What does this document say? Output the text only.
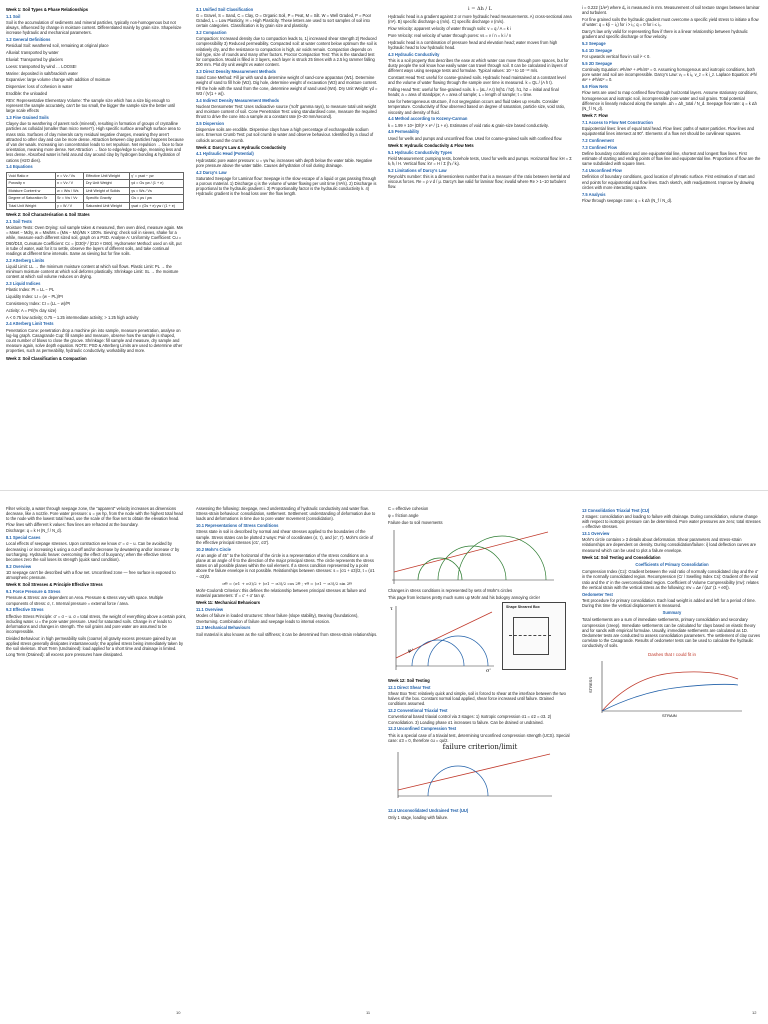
Week 1: Soil Types & Phase Relationships
1.1 Soil

Soil is the accumulation of sediments and mineral particles, typically non-homogenous but not always, influenced by change in moisture content. Differentiated mainly by grain size. Shape/size increase hydraulic and mechanical parameters.

1.2 General Definitions

Residual Soil: weathered soil, remaining at original place

Alluvial: transported by water

Eluvial: Transported by glaciers

Loess: transported by wind … LOOSE!

Marine: deposited in salt/brackish water

Expansive: large volume change with addition of moisture

Dispersive: loss of cohesion in water

Erodible: the unloaded

REV: Representative Elementary Volume: The sample size which has a size big enough to represent the sample accurately, can't be too small, the bigger the sample size the better until large scale effects

1.3 Fine Grained Soils

Clayey due to weathering of parent rock (mineral), resulting in formation of groups of crystalline particles as colloidal (smaller than micro meter?). High specific surface area/high surface area to mass ratio. Surfaces of clay minerals carry residual negative charges, meaning they aren't attracted to other clay and can be more dense. Attraction between clay particles happens because of van der waals. Increasing ion concentration leads to net repulsion. Net repulsion → face to face orientation, meaning more dense. Net Attraction → face to edge/edge to edge, meaning less and less dense. Absorbed water is held around clay around clay by hydrogen bonding & hydration of cations (H2O dies).

1.4 Equations
Void Ratio e	e = Vv / Vs	Effective Unit Weight	γ' = γsat − γw
Porosity n	n = Vv / V	Dry Unit Weight	γd = Gs γw / (1 + e)
Moisture Content w	w = Ww / Ws	Unit Weight of Solids	γs = Ws / Vs
Degree of Saturation Sr	Sr = Vw / Vv	Specific Gravity	Gs = ρs / ρw
Total Unit Weight	γ = W / V	Saturated Unit Weight	γsat = (Gs + e) γw / (1 + e)
Week 2: Soil Characterisation & Soil States
2.1 Soil Tests

Moisture Tests: Oven Drying: soil sample taken & measured, then oven dried, measure again. Mw = Mwet − Mdry, w = Mw/Ms = (Mw − Ms)/Ms × 100%. Sieving: check soil in sieves, shake for a while, measure each different sized soil, graph on a PSD. Analyse A: Uniformity Coefficient: Cu = D60/D10, Curvature Coefficient: Cc = (D30)² / (D10 × D60). Hydrometer Method: used on silt, put in tube of water, wait for it to settle, observe the layers of different soils, and take continual readings at different time intervals. Same as sieving but for fine soils.

2.2 Atterberg Limits

Liquid Limit: LL → the minimum moisture content at which soil flows. Plastic Limit: PL → the minimum moisture content at which soil deforms plastically. Shrinkage Limit: SL → the moisture content at which soil volume reduces on drying.

2.3 Liquid Indices

Plastic Index: PI = LL − PL

Liquidity Index: LI = (w − PL)/PI

Consistency Index: CI = (LL − w)/PI

Activity: A = PI/(% clay size)

A < 0.75 low activity; 0.75 – 1.25 intermediate activity; > 1.25 high activity

2.4 Atterberg Limit Tests

Penetration Cone: penetration drop a machine pin into sample, measure penetration, analyse on log-log graph. Casagrande Cup: fill sample and measure, observe how the sample is shaped, count number of blows to close the groove. Shrinkage: fill sample and measure, dry sample and measure again, solve depth equation. NOTE: PSD & Atterberg Limits are used to determine other properties, such as permeability, hydraulic conductivity, workability and more.

Week 3: Soil Classification & Compaction
3.1 Unified Soil Classification

G = Gravel, S = Sand, C = Clay, O = Organic Soil, P = Peat, M = Silt. W = Well Graded, P = Poor Graded, L = Low Plasticity, H = High Plasticity. These letters are used to sort samples of soil into certain categories. Classification is by grain size and plasticity.

3.2 Compaction

Compaction: Increased density due to compaction leads to, 1) increased shear strength 2) Reduced compressibility 3) Reduced permeability. Compacted soil: at water content below optimum the soil is relatively dry, and the resistance to compaction is high, air voids remain. Compaction depends on soil type, size of rounds and many other factors. Proctor Compaction Test: This is the standard test for compaction. Mould is filled in 3 layers, each layer is struck 25 times with a 2.5 kg rammer falling 300 mm. Plot dry unit weight vs water content.

3.3 Direct Density Measurement Methods

Sand Cone Method: Fill jar with sand & determine weight of sand-cone apparatus (W1). Determine weight of sand to fill hole (W2). Dig hole, determine weight of excavation (W3) and moisture content. Fill the hole with the sand from the cone, determine weight of sand used (W4). Dry Unit Weight: γd = W3 / (V(1 + w)).

3.4 Indirect Density Measurement Methods

Nuclear Densometer Test: Uses radioactive source ('soft' gamma rays), to measure total unit weight and moisture content of soil. Cone Penetration Test: using standardised cone, measure the required thrust to drive the cone into a sample at a constant rate (0–20 mm/second).

3.5 Dispersion

Dispersive soils are erodible. Dispersive clays have a high percentage of exchangeable sodium ions. Emerson Crumb Test: put soil crumb in water and observe behaviour. Identified by a cloud of colloids around the crumb.

Week 4: Darcy's Law & Hydraulic Conductivity
4.1 Hydraulic Head (Potential)

Hydrostatic pore water pressure: u = γw hw, increases with depth below the water table. Negative pore pressure above the water table. Causes dehydration of soil during drainage.

4.2 Darcy's Law

Saturated Seepage for Laminar flow: Seepage is the slow escape of a liquid or gas passing through a porous material. 1) Discharge q is the volume of water flowing per unit time (m³/s). 2) Discharge is proportional to the hydraulic gradient i. 3) Proportionality factor is the hydraulic conductivity k. 4) Hydraulic gradient is the head loss over the flow length.

i = Δh / L

Hydraulic head is a gradient against 2 or more hydraulic head measurements. A) cross-sectional area (m²). B) specific discharge q (m/s). C) specific discharge v (m/s).

Flow Velocity: apparent velocity of water through soils: v = q / A = k i

Pore Velocity: real velocity of water through pores: vs = v / n = k i / n

Hydraulic head is a combination of pressure head and elevation head; water moves from high hydraulic head to low hydraulic head.

4.3 Hydraulic Conductivity

This is a soil property that describes the ease at which water can move through pore spaces, but for dusty people the soil know how easily water can travel through soil. It can be calculated in layers of different ways using seepage tests and formulae. Typical values: 10⁻¹ to 10⁻¹⁰ m/s.

Constant Head Test: useful for coarse-grained soils. Hydraulic head maintained at a constant level and the volume of water flowing through the sample over time is measured. k = QL / (A h t).

Falling Head Test: useful for fine-grained soils. k = (aL / A t) ln(h1 / h2). h1, h2 = initial and final heads; a = area of standpipe; A = area of sample; L = length of sample; t = time.

Use for heterogeneous structure, if not segregation occurs and fluid takes up results. Consider temperature. Conductivity of flow observed based on degree of saturation, particle size, void ratio, viscosity and density of fluid.

4.4 Method according to Kozeny-Carman

k = 1.99 × 10⁴ (Dh)² × e³ / (1 + e). Estimates of void ratio & grain-size based conductivity.

4.5 Permeability

Used for wells and pumps and unconfined flow. Used for coarse-grained soils with confined flow.

Week 5: Hydraulic Conductivity & Flow Nets
5.1 Hydraulic Conductivity Types

Field Measurement: pumping tests, borehole tests, Used for wells and pumps. Horizontal flow: kH = Σ kᵢ hᵢ / H. Vertical flow: kV = H / Σ (hᵢ / kᵢ).

5.2 Limitations of Darcy's Law

Reynold's number: this is a dimensionless number that is a measure of the ratio between inertial and viscous forces. Re = ρ v d / μ. Darcy's law valid for laminar flow; invalid where Re > 1–10 turbulent flow.

i = 0.222 (1/e²) where dₚ is measured in mm. Measurement of soil texture ranges between laminar and turbulent.

For fine grained soils the hydraulic gradient must overcome a specific yield stress to initiate a flow of water: q = k(i − i₀) for i > i₀; q = 0 for i ≤ i₀.

Darcy's law only valid for representing flow if there is a linear relationship between hydraulic gradient and specific discharge or flow velocity.

5.3 Seepage
5.4 1D Seepage

For upwards vertical flow in soil iᶜ < 0.

5.5 2D Seepage

Continuity Equation: ∂²h/∂x² + ∂²h/∂z² = 0. Assuming homogenous and isotropic conditions, both pore water and soil are incompressible. Darcy's Law: vₓ = k iₓ, v_z = k i_z. Laplace Equation: ∂²h/∂x² + ∂²h/∂z² = 0.

5.6 Flow Nets

Flow nets are used to map confined flow through horizontal layers. Assume stationary conditions, homogeneous and isotropic soil, incompressible pore water and soil grains. Total potential difference is linearly reduced along the sample. Δh = Δh_total / N_d. Seepage flow rate: q = k Δh (N_f / N_d).

Week 7: Flow
7.1 Access to Flow Net Construction

Equipotential lines: lines of equal total head. Flow lines: paths of water particles. Flow lines and equipotential lines intersect at 90°. Elements of a flow net should be curvilinear squares.

7.2 Confinement
7.3 Confined Flow

Define boundary conditions and one equipotential line, shortest and longest flow lines. First estimate of starting and ending points of flow line and equipotential line. Proportions of flow are the same subdivided with square lines.

7.4 Unconfined Flow

Definition of boundary conditions, good location of phreatic surface. First estimation of start and end points for equipotential and flow lines. Each sketch, with readjustment. Improve by drawing circles with more interacting square.

7.5 Analysis

Flow through seepage zone: q = k Δh (N_f / N_d).

Filter velocity, a water through seepage zone, the "apparent" velocity increases as dimensions decrease, like a nozzle. Pore water pressure: u = γw hp, from the node with the highest total head to the node with the lowest total head, use the scale of the flow net to obtain the elevation head. Flow lines with different k values: flow lines are refracted at the boundary.

Discharge: q = k H (N_f / N_d).

8.1 Special Cases

Local effects of seepage stresses. Upon contraction we know σ' = σ − u. Can be avoided by decreasing i or increasing k using a cut-off and/or decrease by dewatering and/or increase σ' by surcharging. Hydraulic heave: overcoming the effect of buoyancy; when the effective stress becomes zero the soil loses its strength (quick sand condition).

8.2 Overview

1D seepage can't be described with a flow net. Unconfined zone — free surface is exposed to atmospheric pressure.

Week 9: Soil Stresses & Principle Effective Stress
9.1 Force Pressure & Stress

Pressure & Stress: are dependent on Area. Pressure & stress vary with space. Multiple components of stress: σ, τ. Internal pressure = external force / area.

9.2 Effective Stress

Effective Stress Principle: σ' = σ − u. σ = total stress, the weight of everything above a certain point, including water. u = the pore water pressure. Used for saturated soils. Change in σ' leads to deformations and changes in strength. The soil grains and pore water are assumed to be incompressible.

Divided Behaviour: in high permeability soils (coarse) all gravity excess pressure gained by an applied stress generally dissipates instantaneously; the applied stress being immediately taken by the soil skeleton. Short Term (Undrained): load applied for a short time and drainage is limited. Long Term (Drained): all excess pore pressures have dissipated.

10

Assessing the following: Seepage, need understanding of hydraulic conductivity and water flow. Stress-strain behaviour: consolidation, settlement. Settlement: understanding of deformation due to loads and deformations in time due to pore water movement (consolidation).

10.1 Representations of Stress Conditions

Stress state in soil is described by normal and shear stresses applied to the boundaries of the sample. Stress states can be plotted 2 ways: Pair of coordinates (σ, τ), and (σ', τ'). Mohr's circle of the effective principal stresses (σ1', σ3').

10.2 Mohr's Circle

At an angle of 45° to the horizontal of the circle is a representation of the stress conditions on a plane at an angle of θ to the direction of the major principal stress. The circle represents the stress states on all possible planes within the soil element. If a stress condition represented by a point above the failure envelope is not possible. Relationships between stresses: s = (σ1 + σ3)/2, t = (σ1 − σ3)/2.

σθ = (σ1 + σ3)/2 + (σ1 − σ3)/2 cos 2θ ; τθ = (σ1 − σ3)/2 sin 2θ

Mohr-Coulomb Criterion: this defines the relationship between principal stresses at failure and material parameters: τf = c' + σ' tan φ'.

Week 11: Mechanical Behaviours
11.1 Overview

Modes of failure in loaded structures: Shear failure (slope stability), Bearing (foundations), Overturning. Combination of failure and seepage leads to internal erosion.

11.2 Mechanical Behaviours

Soil material is also known as the soil stiffness; it can be determined from stress-strain relationships.

11

C = effective cohesion

φ = friction angle

Failure due to soil movements

Changes in stress conditions is represented by sets of Mohr's circles

This page from lectures pretty much sums up Mohr and his bologny annoying circle!

τ
σ'
φ'
Shape Sheared Box
Week 12: Soil Testing
12.1 Direct Shear Test

Shear Box Test: relatively quick and simple, soil is forced to shear at the interface between the two halves of the box. Constant normal load applied, shear force increased until failure. Drained conditions assumed.

12.2 Conventional Triaxial Test

Conventional based triaxial control via 3 stages: 1) Isotropic compression σ1 = σ2 = σ3. 2) Consolidation. 3) Loading phase σ1 increases to failure. Can be drained or undrained.

12.3 Unconfined Compression Test

This is a special case of a triaxial test, determining Unconfined compression strength (UCS). Special case: σ3 = 0, therefore cu = qu/2.

failure criterion/limit
12.4 Unconsolidated Undrained Test (UU)

Only 1 stage, loading with failure.

13 Consolidation Triaxial Test (CU)

2 stages: consolidation and loading to failure with drainage. During consolidation, volume change with respect to isotropic pressure can be determined. Pore water pressures are zero; total stresses = effective stresses.

13.1 Overview

Mohr's circle contains ≥ 3 details about deformation. Shear parameters and stress-strain relationships are dependent on density. During consolidation/failure: i) load deflection curves are measured which can be used to plot a failure envelope.

Week 14: Soil Testing and Consolidation
Coefficients of Primary Consolidation

Compression Index (Cc): Gradient between the void ratio of normally consolidated clay and the σ' in the normally consolidated region. Recompression (Cr / Swelling Index Cs): Gradient of the void ratio and the σ' in the overconsolidated region. Coefficient of Volume Compressibility (mv): relates the vertical strain with the vertical stress as the following: mv = Δe / (Δσ' (1 + e0)).

Oedometer Test

Test procedure for primary consolidation. Each load weight is added and left for a period of time. During this time the vertical displacement is measured.

Summary

Total settlements are a sum of immediate settlements, primary consolidation and secondary compression (creep). Immediate settlements can be calculated for clays based on elastic theory and for sands with empirical formulae. Usually, immediate settlements are calculated as 1D. Oedometer tests are conducted to assess consolidation parameters. The settlement of clay curves correlate to the Casagrande. Results of oedometer tests can be used to calculate the hydraulic conductivity of soils.

Dashes that I could fit in
STRESS
STRAIN
12
